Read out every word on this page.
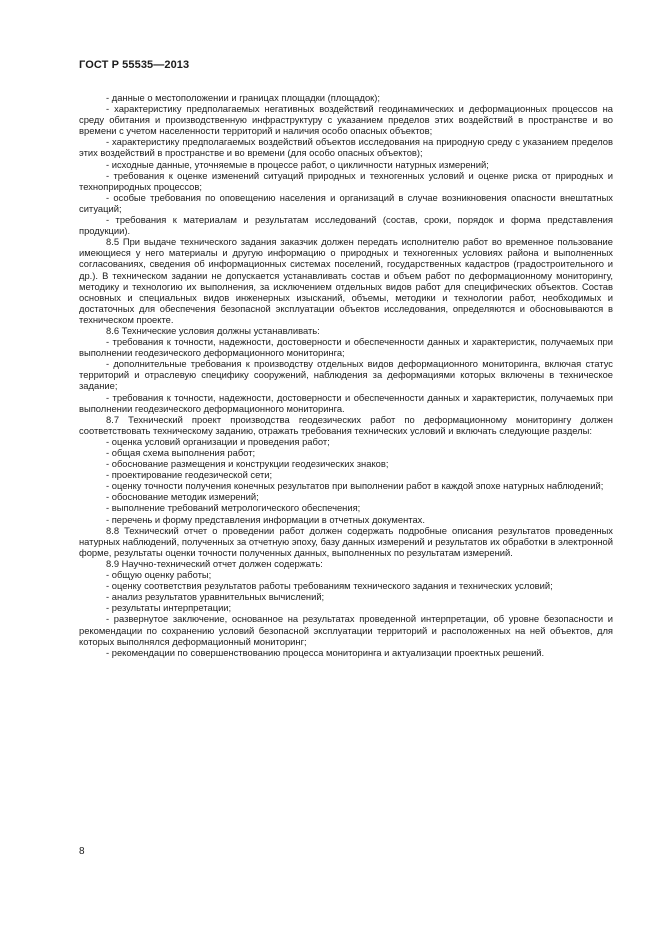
ГОСТ Р 55535—2013

- данные о местоположении и границах площадки (площадок);

- характеристику предполагаемых негативных воздействий геодинамических и деформационных процессов на среду обитания и производственную инфраструктуру с указанием пределов этих воздействий в пространстве и во времени с учетом населенности территорий и наличия особо опасных объектов;

- характеристику предполагаемых воздействий объектов исследования на природную среду с указанием пределов этих воздействий в пространстве и во времени (для особо опасных объектов);

- исходные данные, уточняемые в процессе работ, о цикличности натурных измерений;

- требования к оценке изменений ситуаций природных и техногенных условий и оценке риска от природных и технoприродных процессов;

- особые требования по оповещению населения и организаций в случае возникновения опасности внештатных ситуаций;

- требования к материалам и результатам исследований (состав, сроки, порядок и форма представления продукции).

8.5 При выдаче технического задания заказчик должен передать исполнителю работ во временное пользование имеющиеся у него материалы и другую информацию о природных и техногенных условиях района и выполненных согласованиях, сведения об информационных системах поселений, государственных кадастров (градостроительного и др.). В техническом задании не допускается устанавливать состав и объем работ по деформационному мониторингу, методику и технологию их выполнения, за исключением отдельных видов работ для специфических объектов. Состав основных и специальных видов инженерных изысканий, объемы, методики и технологии работ, необходимых и достаточных для обеспечения безопасной эксплуатации объектов исследования, определяются и обосновываются в техническом проекте.

8.6 Технические условия должны устанавливать:

- требования к точности, надежности, достоверности и обеспеченности данных и характеристик, получаемых при выполнении геодезического деформационного мониторинга;

- дополнительные требования к производству отдельных видов деформационного мониторинга, включая статус территорий и отраслевую специфику сооружений, наблюдения за деформациями которых включены в техническое задание;

- требования к точности, надежности, достоверности и обеспеченности данных и характеристик, получаемых при выполнении геодезического деформационного мониторинга.

8.7 Технический проект производства геодезических работ по деформационному мониторингу должен соответствовать техническому заданию, отражать требования технических условий и включать следующие разделы:

- оценка условий организации и проведения работ;

- общая схема выполнения работ;

- обоснование размещения и конструкции геодезических знаков;

- проектирование геодезической сети;

- оценку точности получения конечных результатов при выполнении работ в каждой эпохе натурных наблюдений;

- обоснование методик измерений;

- выполнение требований метрологического обеспечения;

- перечень и форму представления информации в отчетных документах.

8.8 Технический отчет о проведении работ должен содержать подробные описания результатов проведенных натурных наблюдений, полученных за отчетную эпоху, базу данных измерений и результатов их обработки в электронной форме, результаты оценки точности полученных данных, выполненных по результатам измерений.

8.9 Научно-технический отчет должен содержать:

- общую оценку работы;

- оценку соответствия результатов работы требованиям технического задания и технических условий;

- анализ результатов уравнительных вычислений;

- результаты интерпретации;

- развернутое заключение, основанное на результатах проведенной интерпретации, об уровне безопасности и рекомендации по сохранению условий безопасной эксплуатации территорий и расположенных на ней объектов, для которых выполнялся деформационный мониторинг;

- рекомендации по совершенствованию процесса мониторинга и актуализации проектных решений.

8
